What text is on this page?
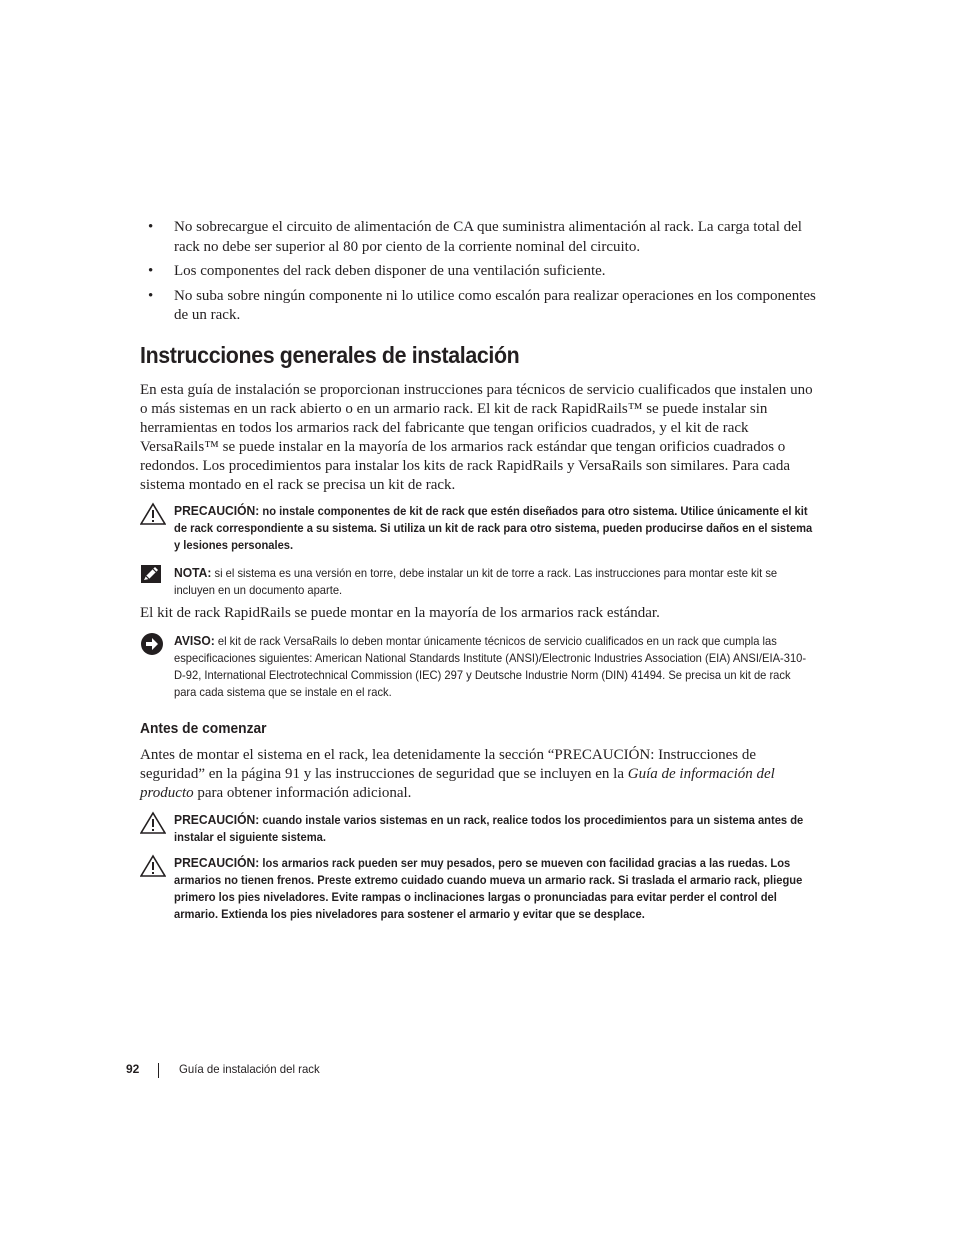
• No sobrecargue el circuito de alimentación de CA que suministra alimentación al rack. La carga total del rack no debe ser superior al 80 por ciento de la corriente nominal del circuito.
• Los componentes del rack deben disponer de una ventilación suficiente.
• No suba sobre ningún componente ni lo utilice como escalón para realizar operaciones en los componentes de un rack.
Instrucciones generales de instalación

En esta guía de instalación se proporcionan instrucciones para técnicos de servicio cualificados que instalen uno o más sistemas en un rack abierto o en un armario rack. El kit de rack RapidRails™ se puede instalar sin herramientas en todos los armarios rack del fabricante que tengan orificios cuadrados, y el kit de rack VersaRails™ se puede instalar en la mayoría de los armarios rack estándar que tengan orificios cuadrados o redondos. Los procedimientos para instalar los kits de rack RapidRails y VersaRails son similares. Para cada sistema montado en el rack se precisa un kit de rack.

PRECAUCIÓN: no instale componentes de kit de rack que estén diseñados para otro sistema. Utilice únicamente el kit de rack correspondiente a su sistema. Si utiliza un kit de rack para otro sistema, pueden producirse daños en el sistema y lesiones personales.
NOTA: si el sistema es una versión en torre, debe instalar un kit de torre a rack. Las instrucciones para montar este kit se incluyen en un documento aparte.

El kit de rack RapidRails se puede montar en la mayoría de los armarios rack estándar.

AVISO: el kit de rack VersaRails lo deben montar únicamente técnicos de servicio cualificados en un rack que cumpla las especificaciones siguientes: American National Standards Institute (ANSI)/Electronic Industries Association (EIA) ANSI/EIA-310-D-92, International Electrotechnical Commission (IEC) 297 y Deutsche Industrie Norm (DIN) 41494. Se precisa un kit de rack para cada sistema que se instale en el rack.
Antes de comenzar

Antes de montar el sistema en el rack, lea detenidamente la sección “PRECAUCIÓN: Instrucciones de seguridad” en la página 91 y las instrucciones de seguridad que se incluyen en la Guía de información del producto para obtener información adicional.

PRECAUCIÓN: cuando instale varios sistemas en un rack, realice todos los procedimientos para un sistema antes de instalar el siguiente sistema.
PRECAUCIÓN: los armarios rack pueden ser muy pesados, pero se mueven con facilidad gracias a las ruedas. Los armarios no tienen frenos. Preste extremo cuidado cuando mueva un armario rack. Si traslada el armario rack, pliegue primero los pies niveladores. Evite rampas o inclinaciones largas o pronunciadas para evitar perder el control del armario. Extienda los pies niveladores para sostener el armario y evitar que se desplace.
92	Guía de instalación del rack
